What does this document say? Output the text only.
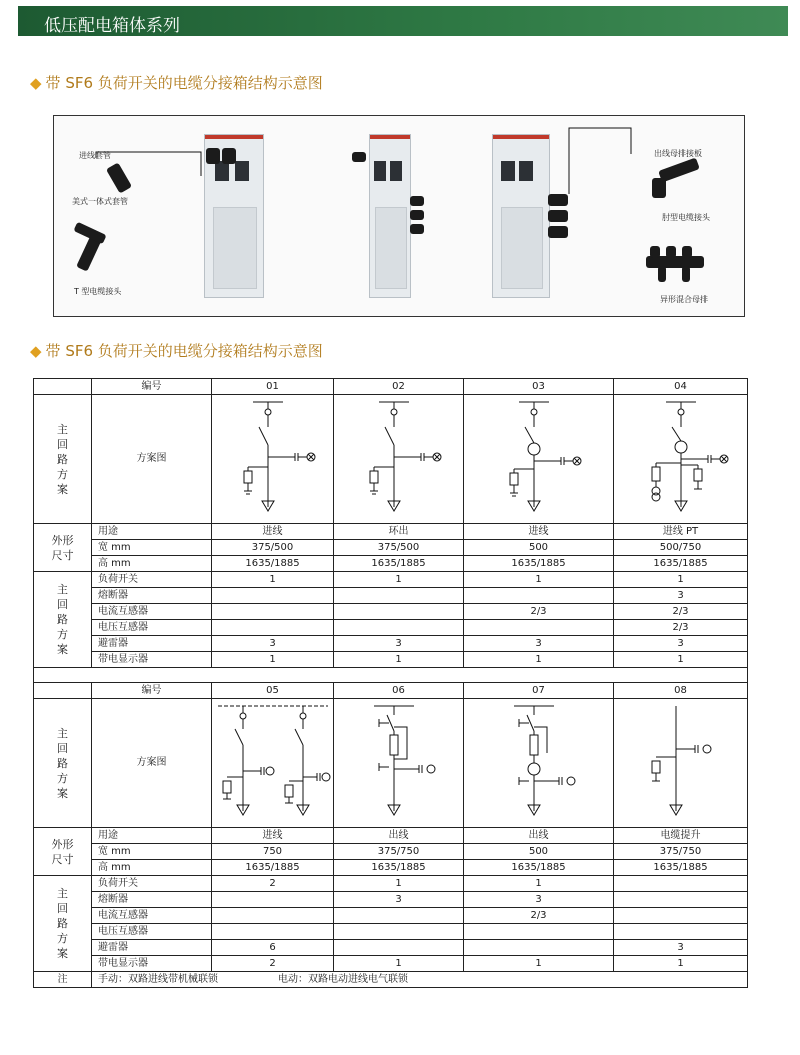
低压配电箱体系列
◆ 带 SF6 负荷开关的电缆分接箱结构示意图
进线套管
美式一体式套管
T 型电缆接头
出线母排接板
肘型电缆接头
异形混合母排
◆ 带 SF6 负荷开关的电缆分接箱结构示意图
	编号	01	02	03	04
主回路方案	方案图	

外形尺寸	用途	进线	环出	进线	进线 PT
	宽 mm	375/500	375/500	500	500/750
	高 mm	1635/1885	1635/1885	1635/1885	1635/1885
主回路方案	负荷开关	1	1	1	1
	熔断器				3
	电流互感器			2/3	2/3
	电压互感器				2/3
	避雷器	3	3	3	3
	带电显示器	1	1	1	1

	编号	05	06	07	08
主回路方案	方案图	

外形尺寸	用途	进线	出线	出线	电缆提升
	宽 mm	750	375/750	500	375/750
	高 mm	1635/1885	1635/1885	1635/1885	1635/1885
主回路方案	负荷开关	2	1	1	
	熔断器		3	3	
	电流互感器			2/3	
	电压互感器				
	避雷器	6			3
	带电显示器	2	1	1	1
注	手动：双路进线带机械联锁 电动：双路电动进线电气联锁				
